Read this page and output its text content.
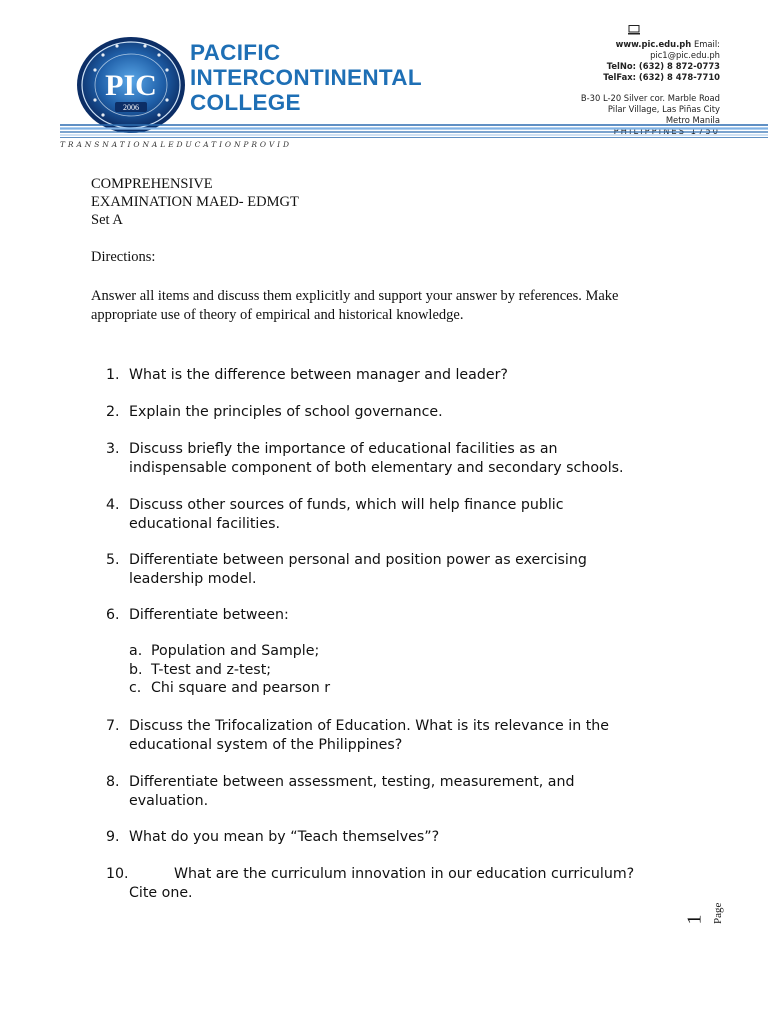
PIC
2006
PACIFIC
INTERCONTINENTAL
COLLEGE
www.pic.edu.ph Email:
pic1@pic.edu.ph
TelNo: (632) 8 872-0773
TelFax: (632) 8 478-7710
B-30 L-20 Silver cor. Marble Road
Pilar Village, Las Piñas City
Metro Manila
PHILIPPINES 1750
TRANSNATIONALEDUCATIONPROVID
COMPREHENSIVE
EXAMINATION MAED- EDMGT
Set A
Directions:
Answer all items and discuss them explicitly and support your answer by references. Make appropriate use of theory of empirical and historical knowledge.
1. What is the difference between manager and leader?
2. Explain the principles of school governance.
3. Discuss briefly the importance of educational facilities as an
indispensable component of both elementary and secondary schools.
4. Discuss other sources of funds, which will help finance public
educational facilities.
5. Differentiate between personal and position power as exercising
leadership model.
6. Differentiate between:
a. Population and Sample;
b. T-test and z-test;
c. Chi square and pearson r
7. Discuss the Trifocalization of Education. What is its relevance in the
educational system of the Philippines?
8. Differentiate between assessment, testing, measurement, and
evaluation.
9. What do you mean by “Teach themselves”?
10.	What are the curriculum innovation in our education curriculum?
Cite one.
Page
1
